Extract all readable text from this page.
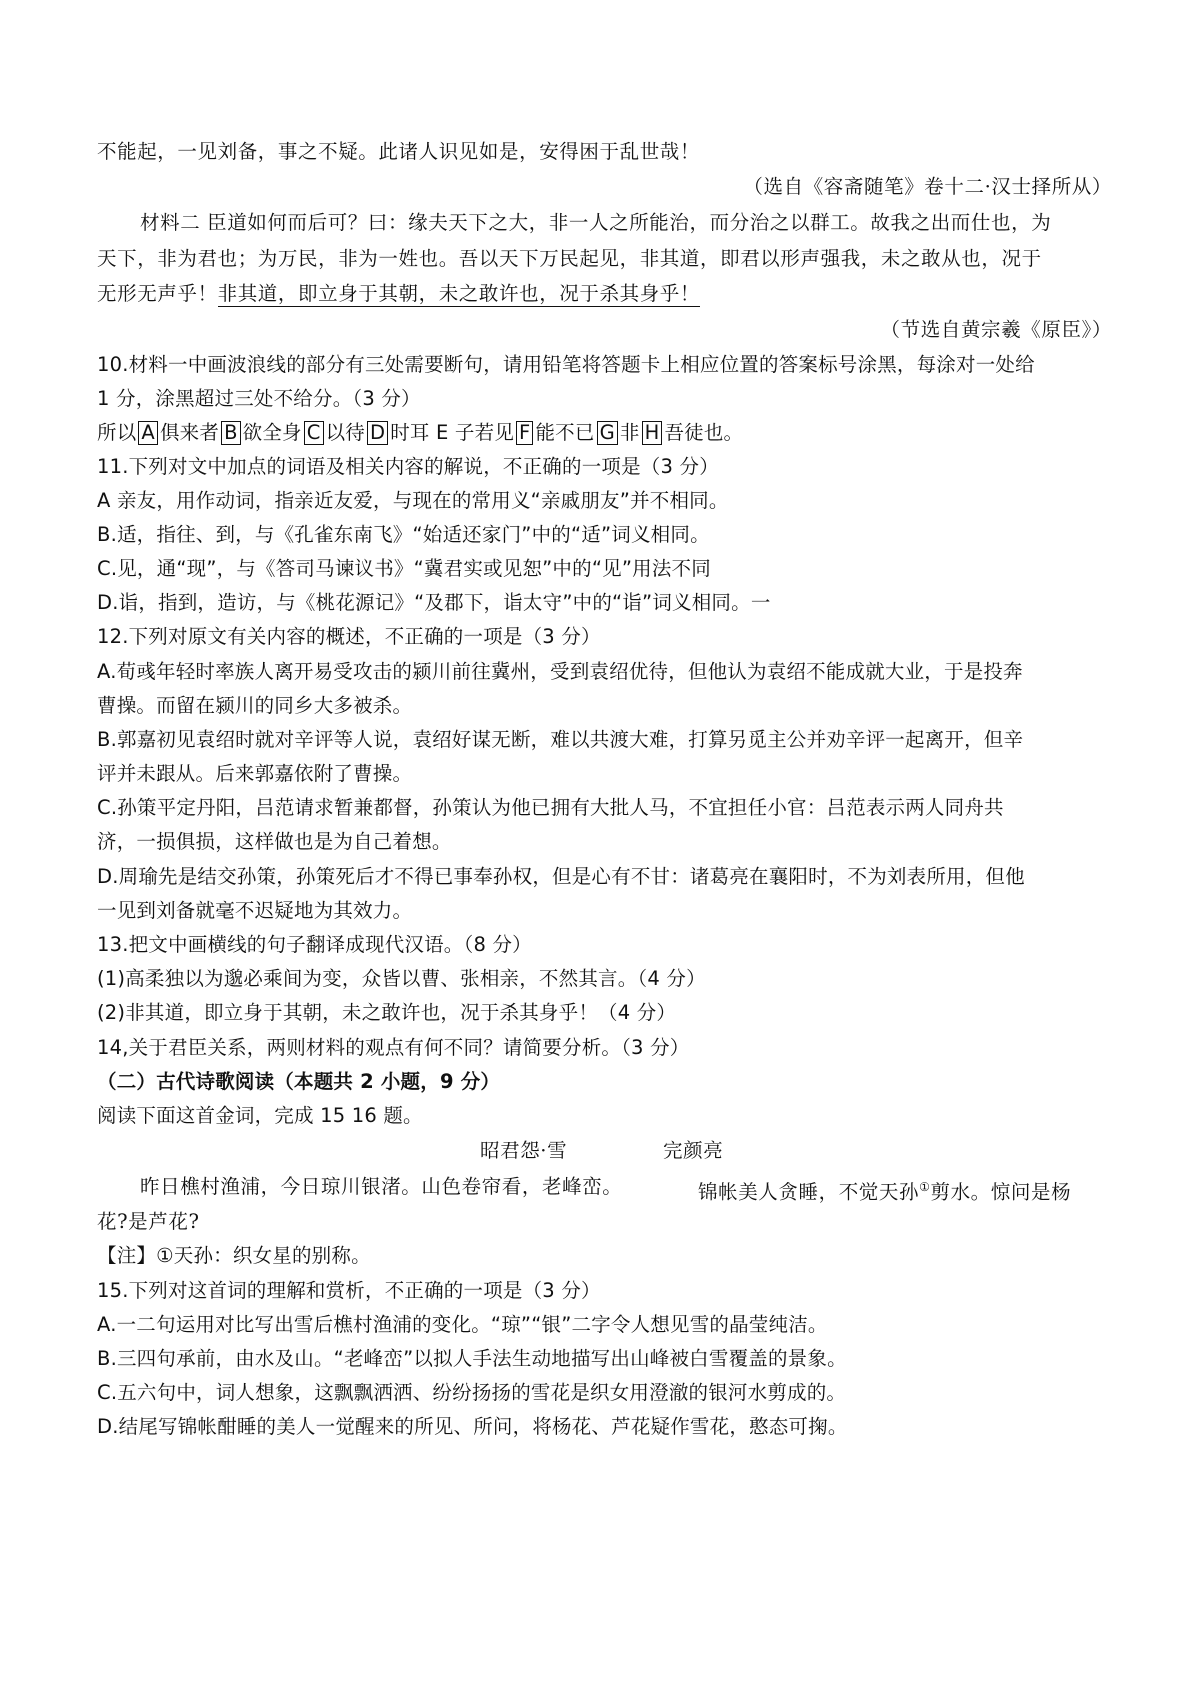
不能起，一见刘备，事之不疑。此诸人识见如是，安得困于乱世哉！
（选自《容斋随笔》卷十二·汉士择所从）
材料二 臣道如何而后可？曰：缘夫天下之大，非一人之所能治，而分治之以群工。故我之出而仕也，为
天下，非为君也；为万民，非为一姓也。吾以天下万民起见，非其道，即君以形声强我，未之敢从也，况于
无形无声乎！非其道，即立身于其朝，未之敢许也，况于杀其身乎！
（节选自黄宗羲《原臣》）
10.材料一中画波浪线的部分有三处需要断句，请用铅笔将答题卡上相应位置的答案标号涂黑，每涂对一处给
1 分，涂黑超过三处不给分。（3 分）
所以 A 俱来者 B 欲全身 C 以待 D 时耳 E 子若见 F 能不已 G 非 H 吾徒也。
11.下列对文中加点的词语及相关内容的解说，不正确的一项是（3 分）
A 亲友，用作动词，指亲近友爱，与现在的常用义“亲戚朋友”并不相同。
B.适，指往、到，与《孔雀东南飞》“始适还家门”中的“适”词义相同。
C.见，通“现”，与《答司马谏议书》“冀君实或见恕”中的“见”用法不同
D.诣，指到，造访，与《桃花源记》“及郡下，诣太守”中的“诣”词义相同。一
12.下列对原文有关内容的概述，不正确的一项是（3 分）
A.荀彧年轻时率族人离开易受攻击的颍川前往冀州，受到袁绍优待，但他认为袁绍不能成就大业，于是投奔
曹操。而留在颍川的同乡大多被杀。
B.郭嘉初见袁绍时就对辛评等人说，袁绍好谋无断，难以共渡大难，打算另觅主公并劝辛评一起离开，但辛
评并未跟从。后来郭嘉依附了曹操。
C.孙策平定丹阳，吕范请求暂兼都督，孙策认为他已拥有大批人马，不宜担任小官：吕范表示两人同舟共
济，一损俱损，这样做也是为自己着想。
D.周瑜先是结交孙策，孙策死后才不得已事奉孙权，但是心有不甘：诸葛亮在襄阳时，不为刘表所用，但他
一见到刘备就毫不迟疑地为其效力。
13.把文中画横线的句子翻译成现代汉语。（8 分）
(1)高柔独以为邈必乘间为变，众皆以曹、张相亲，不然其言。（4 分）
(2)非其道，即立身于其朝，未之敢许也，况于杀其身乎！（4 分）
14,关于君臣关系，两则材料的观点有何不同？请简要分析。（3 分）
（二）古代诗歌阅读（本题共 2 小题，9 分）
阅读下面这首金词，完成 15 16 题。
昭君怨·雪	完颜亮
昨日樵村渔浦，今日琼川银渚。山色卷帘看，老峰峦。	锦帐美人贪睡，不觉天孙①剪水。惊问是杨
花?是芦花?
【注】①天孙：织女星的别称。
15.下列对这首词的理解和赏析，不正确的一项是（3 分）
A.一二句运用对比写出雪后樵村渔浦的变化。“琼”“银”二字令人想见雪的晶莹纯洁。
B.三四句承前，由水及山。“老峰峦”以拟人手法生动地描写出山峰被白雪覆盖的景象。
C.五六句中，词人想象，这飘飘洒洒、纷纷扬扬的雪花是织女用澄澈的银河水剪成的。
D.结尾写锦帐酣睡的美人一觉醒来的所见、所问，将杨花、芦花疑作雪花，憨态可掬。
